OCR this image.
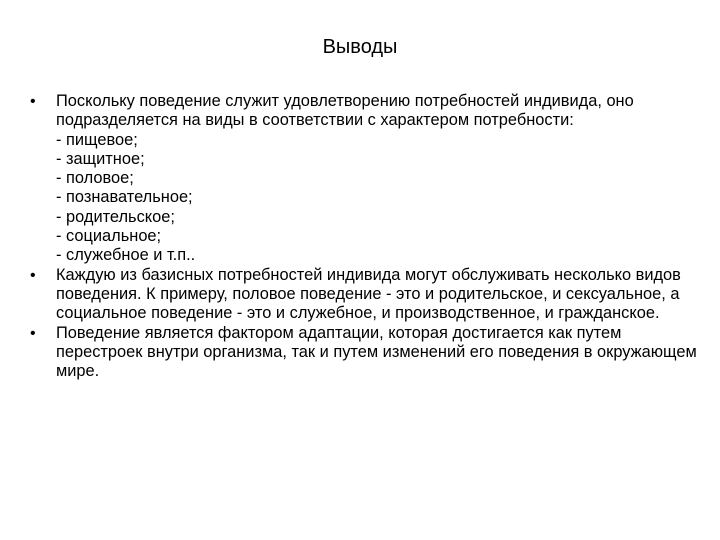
Выводы
• Поскольку поведение служит удовлетворению потребностей индивида, оно подразделяется на виды в соответствии с характером потребности:
- пищевое;
- защитное;
- половое;
- познавательное;
- родительское;
- социальное;
- служебное и т.п..
• Каждую из базисных потребностей индивида могут обслуживать несколько видов поведения. К примеру, половое поведение - это и родительское, и сексуальное, а социальное поведение - это и служебное, и производственное, и гражданское.
• Поведение является фактором адаптации, которая достигается как путем перестроек внутри организма, так и путем изменений его поведения в окружающем мире.
